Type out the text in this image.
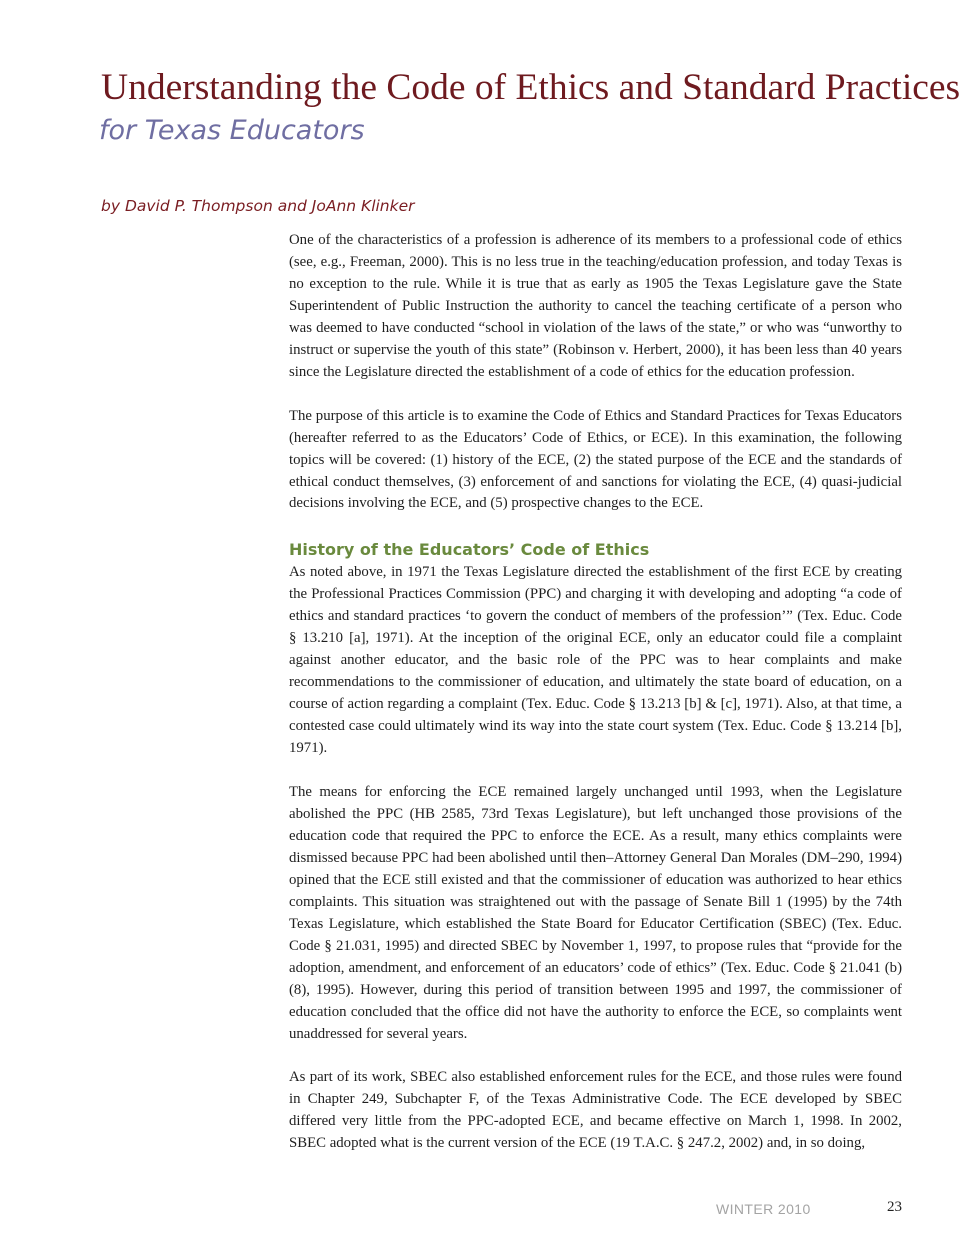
Understanding the Code of Ethics and Standard Practices
for Texas Educators

by David P. Thompson and JoAnn Klinker

One of the characteristics of a profession is adherence of its members to a professional code of ethics (see, e.g., Freeman, 2000). This is no less true in the teaching/education profession, and today Texas is no exception to the rule. While it is true that as early as 1905 the Texas Legislature gave the State Superintendent of Public Instruction the authority to cancel the teaching certificate of a person who was deemed to have conducted “school in violation of the laws of the state,” or who was “unworthy to instruct or supervise the youth of this state” (Robinson v. Herbert, 2000), it has been less than 40 years since the Legislature directed the establishment of a code of ethics for the education profession.

The purpose of this article is to examine the Code of Ethics and Standard Practices for Texas Educators (hereafter referred to as the Educators’ Code of Ethics, or ECE). In this examination, the following topics will be covered: (1) history of the ECE, (2) the stated purpose of the ECE and the standards of ethical conduct themselves, (3) enforcement of and sanctions for violating the ECE, (4) quasi-judicial decisions involving the ECE, and (5) prospective changes to the ECE.

History of the Educators’ Code of Ethics

As noted above, in 1971 the Texas Legislature directed the establishment of the first ECE by creating the Professional Practices Commission (PPC) and charging it with developing and adopting “a code of ethics and standard practices ‘to govern the conduct of members of the profession’” (Tex. Educ. Code § 13.210 [a], 1971). At the inception of the original ECE, only an educator could file a complaint against another educator, and the basic role of the PPC was to hear complaints and make recommendations to the commissioner of education, and ultimately the state board of education, on a course of action regarding a complaint (Tex. Educ. Code § 13.213 [b] & [c], 1971). Also, at that time, a contested case could ultimately wind its way into the state court system (Tex. Educ. Code § 13.214 [b], 1971).

The means for enforcing the ECE remained largely unchanged until 1993, when the Legislature abolished the PPC (HB 2585, 73rd Texas Legislature), but left unchanged those provisions of the education code that required the PPC to enforce the ECE. As a result, many ethics complaints were dismissed because PPC had been abolished until then–Attorney General Dan Morales (DM–290, 1994) opined that the ECE still existed and that the commissioner of education was authorized to hear ethics complaints. This situation was straightened out with the passage of Senate Bill 1 (1995) by the 74th Texas Legislature, which established the State Board for Educator Certification (SBEC) (Tex. Educ. Code § 21.031, 1995) and directed SBEC by November 1, 1997, to propose rules that “provide for the adoption, amendment, and enforcement of an educators’ code of ethics” (Tex. Educ. Code § 21.041 (b)(8), 1995). However, during this period of transition between 1995 and 1997, the commissioner of education concluded that the office did not have the authority to enforce the ECE, so complaints went unaddressed for several years.

As part of its work, SBEC also established enforcement rules for the ECE, and those rules were found in Chapter 249, Subchapter F, of the Texas Administrative Code. The ECE developed by SBEC differed very little from the PPC-adopted ECE, and became effective on March 1, 1998. In 2002, SBEC adopted what is the current version of the ECE (19 T.A.C. § 247.2, 2002) and, in so doing,

WINTER 2010	23
